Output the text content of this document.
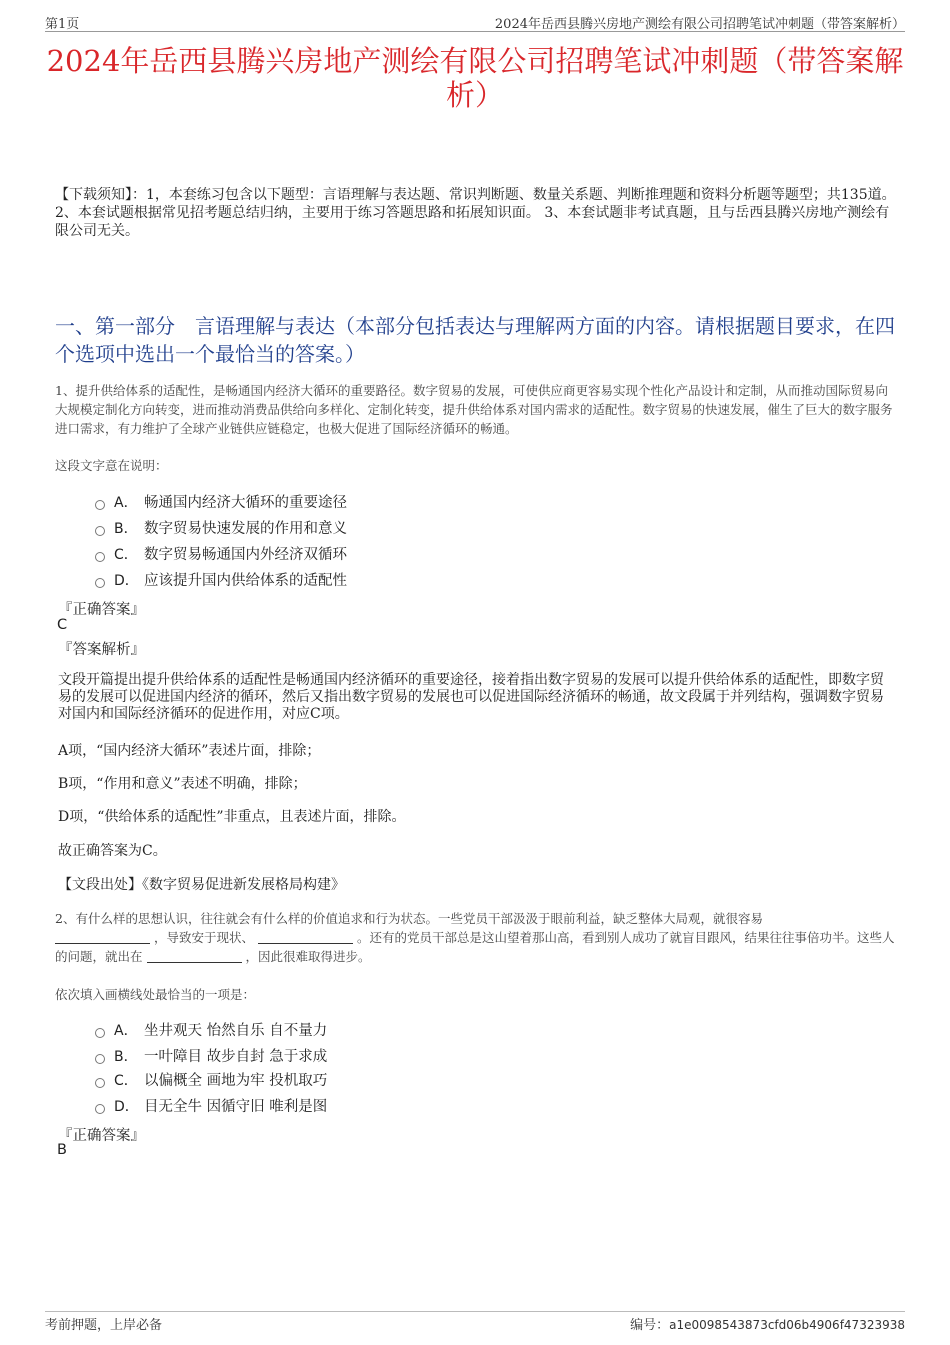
第1页	2024年岳西县腾兴房地产测绘有限公司招聘笔试冲刺题（带答案解析）
2024年岳西县腾兴房地产测绘有限公司招聘笔试冲刺题（带答案解析）
【下载须知】：1，本套练习包含以下题型：言语理解与表达题、常识判断题、数量关系题、判断推理题和资料分析题等题型；共135道。 2、本套试题根据常见招考题总结归纳，主要用于练习答题思路和拓展知识面。 3、本套试题非考试真题，且与岳西县腾兴房地产测绘有限公司无关。
一、第一部分　言语理解与表达（本部分包括表达与理解两方面的内容。请根据题目要求，在四个选项中选出一个最恰当的答案。）
1、提升供给体系的适配性，是畅通国内经济大循环的重要路径。数字贸易的发展，可使供应商更容易实现个性化产品设计和定制，从而推动国际贸易向大规模定制化方向转变，进而推动消费品供给向多样化、定制化转变，提升供给体系对国内需求的适配性。数字贸易的快速发展，催生了巨大的数字服务进口需求，有力维护了全球产业链供应链稳定，也极大促进了国际经济循环的畅通。
这段文字意在说明：
A． 畅通国内经济大循环的重要途径
B． 数字贸易快速发展的作用和意义
C． 数字贸易畅通国内外经济双循环
D． 应该提升国内供给体系的适配性
『正确答案』
C
『答案解析』
文段开篇提出提升供给体系的适配性是畅通国内经济循环的重要途径，接着指出数字贸易的发展可以提升供给体系的适配性，即数字贸易的发展可以促进国内经济的循环，然后又指出数字贸易的发展也可以促进国际经济循环的畅通，故文段属于并列结构，强调数字贸易对国内和国际经济循环的促进作用，对应C项。
A项，“国内经济大循环”表述片面，排除；
B项，“作用和意义”表述不明确，排除；
D项，“供给体系的适配性”非重点，且表述片面，排除。
故正确答案为C。
【文段出处】《数字贸易促进新发展格局构建》
2、有什么样的思想认识，往往就会有什么样的价值追求和行为状态。一些党员干部汲汲于眼前利益，缺乏整体大局观，就很容易
，导致安于现状、	。还有的党员干部总是这山望着那山高，看到别人成功了就盲目跟风，结果往往事倍功半。这些人的问题，就出在	，因此很难取得进步。
依次填入画横线处最恰当的一项是：
A． 坐井观天 怡然自乐 自不量力
B． 一叶障目 故步自封 急于求成
C． 以偏概全 画地为牢 投机取巧
D． 目无全牛 因循守旧 唯利是图
『正确答案』
B
考前押题，上岸必备	编号：a1e0098543873cfd06b4906f47323938
